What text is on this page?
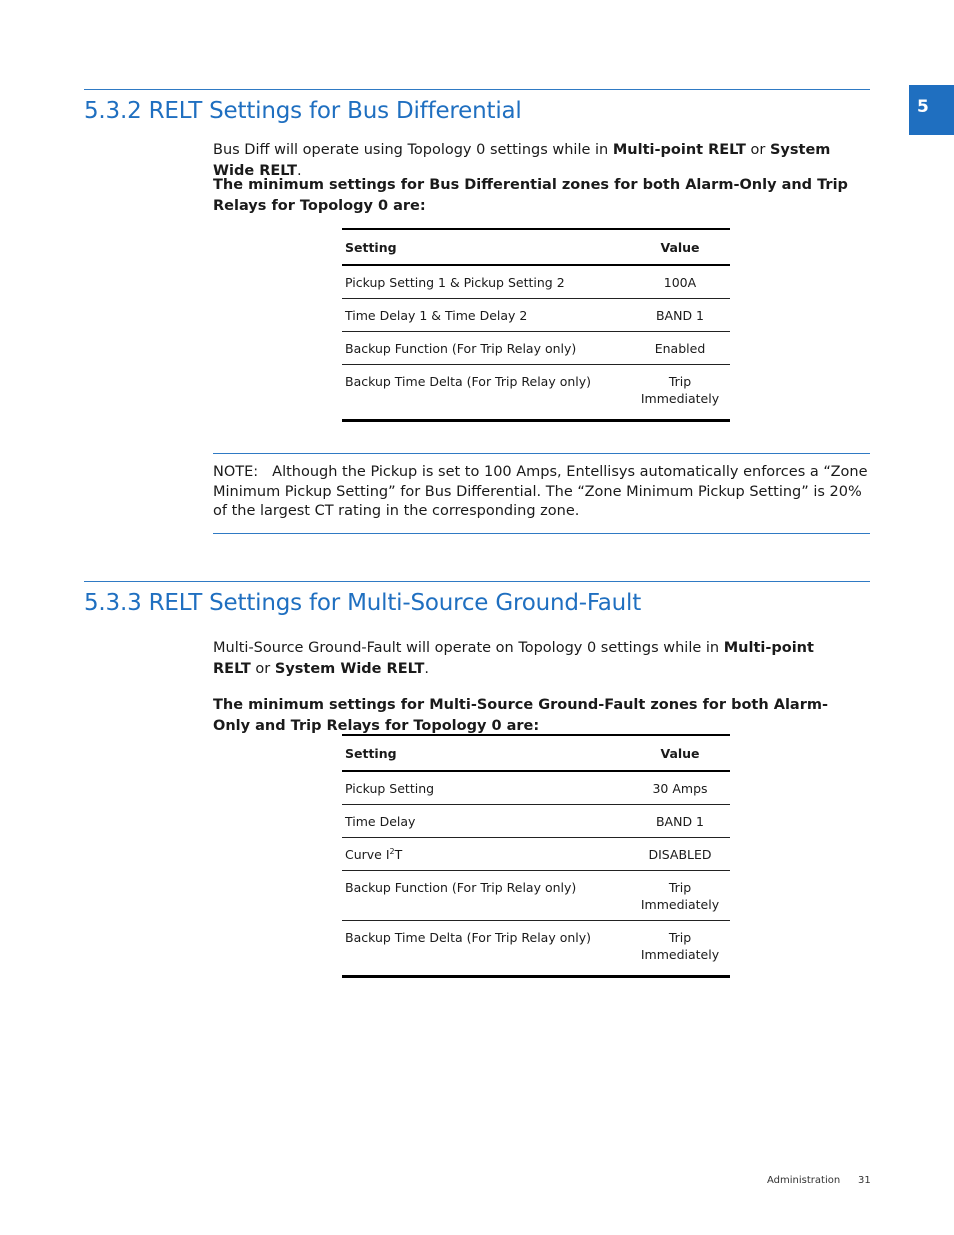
5
5.3.2 RELT Settings for Bus Differential

Bus Diff will operate using Topology 0 settings while in Multi-point RELT or System Wide RELT.

The minimum settings for Bus Differential zones for both Alarm-Only and Trip Relays for Topology 0 are:

Setting	Value
Pickup Setting 1 & Pickup Setting 2	100A
Time Delay 1 & Time Delay 2	BAND 1
Backup Function (For Trip Relay only)	Enabled
Backup Time Delta (For Trip Relay only)	Trip Immediately

NOTE: Although the Pickup is set to 100 Amps, Entellisys automatically enforces a “Zone Minimum Pickup Setting” for Bus Differential. The “Zone Minimum Pickup Setting” is 20% of the largest CT rating in the corresponding zone.

5.3.3 RELT Settings for Multi-Source Ground-Fault

Multi-Source Ground-Fault will operate on Topology 0 settings while in Multi-point RELT or System Wide RELT.

The minimum settings for Multi-Source Ground-Fault zones for both Alarm-Only and Trip Relays for Topology 0 are:

Setting	Value
Pickup Setting	30 Amps
Time Delay	BAND 1
Curve $I^2T$	DISABLED
Backup Function (For Trip Relay only)	Trip Immediately
Backup Time Delta (For Trip Relay only)	Trip Immediately
Administration 31
